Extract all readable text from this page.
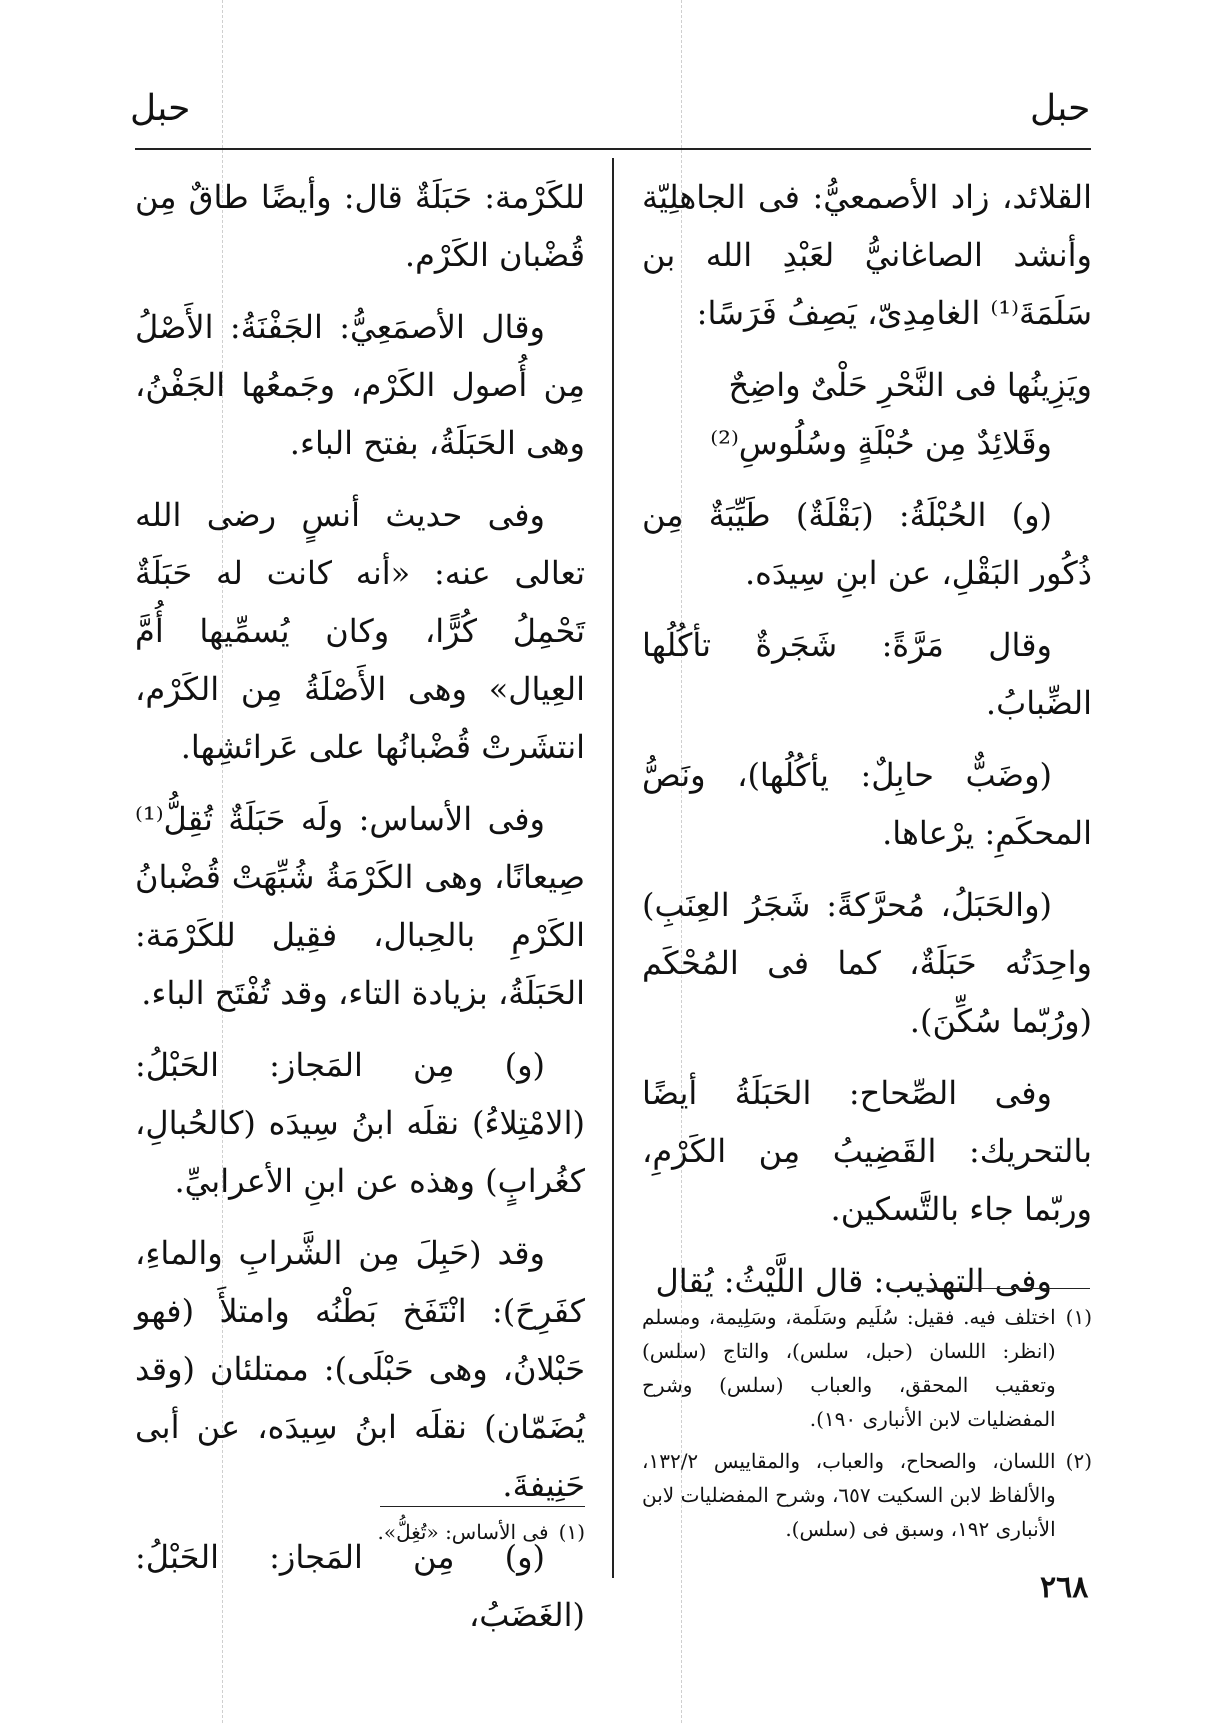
حبل
حبل

القلائد، زاد الأصمعيُّ: فى الجاهلِيّة وأنشد الصاغانيُّ لعَبْدِ الله بن سَلَمَةَ⁽¹⁾ الغامِدِىّ، يَصِفُ فَرَسًا:

ويَزِينُها فى النَّحْرِ حَلْىٌ واضِحٌ
وقَلائِدٌ مِن حُبْلَةٍ وسُلُوسِ⁽²⁾

(و) الحُبْلَةُ: (بَقْلَةٌ) طَيِّبَةٌ مِن ذُكُور البَقْلِ، عن ابنِ سِيدَه.

وقال مَرَّةً: شَجَرةٌ تأكُلُها الضِّبابُ.

(وضَبٌّ حابِلٌ: يأكُلُها)، ونَصُّ المحكَمِ: يرْعاها.

(والحَبَلُ، مُحرَّكةً: شَجَرُ العِنَبِ) واحِدَتُه حَبَلَةٌ، كما فى المُحْكَم (ورُبّما سُكِّنَ).

وفى الصِّحاح: الحَبَلَةُ أيضًا بالتحريك: القَضِيبُ مِن الكَرْمِ، وربّما جاء بالتَّسكين.

وفى التهذيب: قال اللَّيْثُ: يُقال

(١)
اختلف فيه. فقيل: سُلَيم وسَلَمة، وسَلِيمة، ومسلم (انظر: اللسان (حبل، سلس)، والتاج (سلس) وتعقيب المحقق، والعباب (سلس) وشرح المفضليات لابن الأنبارى ١٩٠).
(٢)
اللسان، والصحاح، والعباب، والمقاييس ١٣٢/٢، والألفاظ لابن السكيت ٦٥٧، وشرح المفضليات لابن الأنبارى ١٩٢، وسبق فى (سلس).

للكَرْمة: حَبَلَةٌ قال: وأيضًا طاقٌ مِن قُضْبان الكَرْم.

وقال الأصمَعِيُّ: الجَفْنَةُ: الأَصْلُ مِن أُصول الكَرْم، وجَمعُها الجَفْنُ، وهى الحَبَلَةُ، بفتح الباء.

وفى حديث أنسٍ رضى الله تعالى عنه: «أنه كانت له حَبَلَةٌ تَحْمِلُ كُرًّا، وكان يُسمِّيها أُمَّ العِيال» وهى الأَصْلَةُ مِن الكَرْم، انتشَرتْ قُضْبانُها على عَرائشِها.

وفى الأساس: ولَه حَبَلَةٌ تُقِلُّ⁽¹⁾ صِيعانًا، وهى الكَرْمَةُ شُبِّهَتْ قُضْبانُ الكَرْمِ بالحِبال، فقِيل للكَرْمَة: الحَبَلَةُ، بزيادة التاء، وقد تُفْتَح الباء.

(و) مِن المَجاز: الحَبْلُ: (الامْتِلاءُ) نقلَه ابنُ سِيدَه (كالحُبالِ، كغُرابٍ) وهذه عن ابنِ الأعرابيِّ.

وقد (حَبِلَ مِن الشَّرابِ والماءِ، كفَرِحَ): انْتَفَخ بَطْنُه وامتلأَ (فهو حَبْلانُ، وهى حَبْلَى): ممتلئان (وقد يُضَمّان) نقلَه ابنُ سِيدَه، عن أبى حَنِيفةَ.

(و) مِن المَجاز: الحَبْلُ: (الغَضَبُ،

(١)
فى الأساس: «تُغِلُّ».
٢٦٨
